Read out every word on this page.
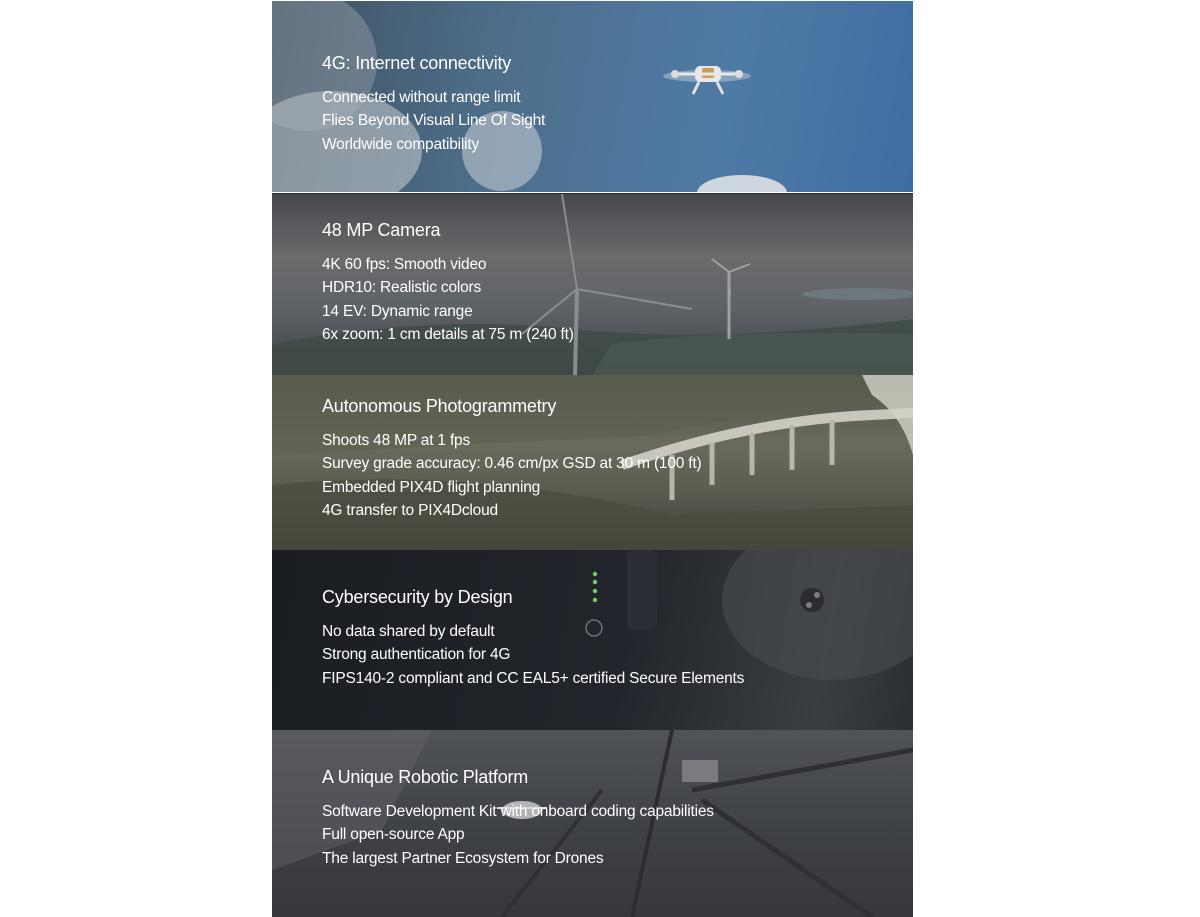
4G: Internet connectivity
Connected without range limit
Flies Beyond Visual Line Of Sight
Worldwide compatibility
48 MP Camera
4K 60 fps: Smooth video
HDR10: Realistic colors
14 EV: Dynamic range
6x zoom: 1 cm details at 75 m (240 ft)
Autonomous Photogrammetry
Shoots 48 MP at 1 fps
Survey grade accuracy: 0.46 cm/px GSD at 30 m (100 ft)
Embedded PIX4D flight planning
4G transfer to PIX4Dcloud
Cybersecurity by Design
No data shared by default
Strong authentication for 4G
FIPS140-2 compliant and CC EAL5+ certified Secure Elements
A Unique Robotic Platform
Software Development Kit with onboard coding capabilities
Full open-source App
The largest Partner Ecosystem for Drones
